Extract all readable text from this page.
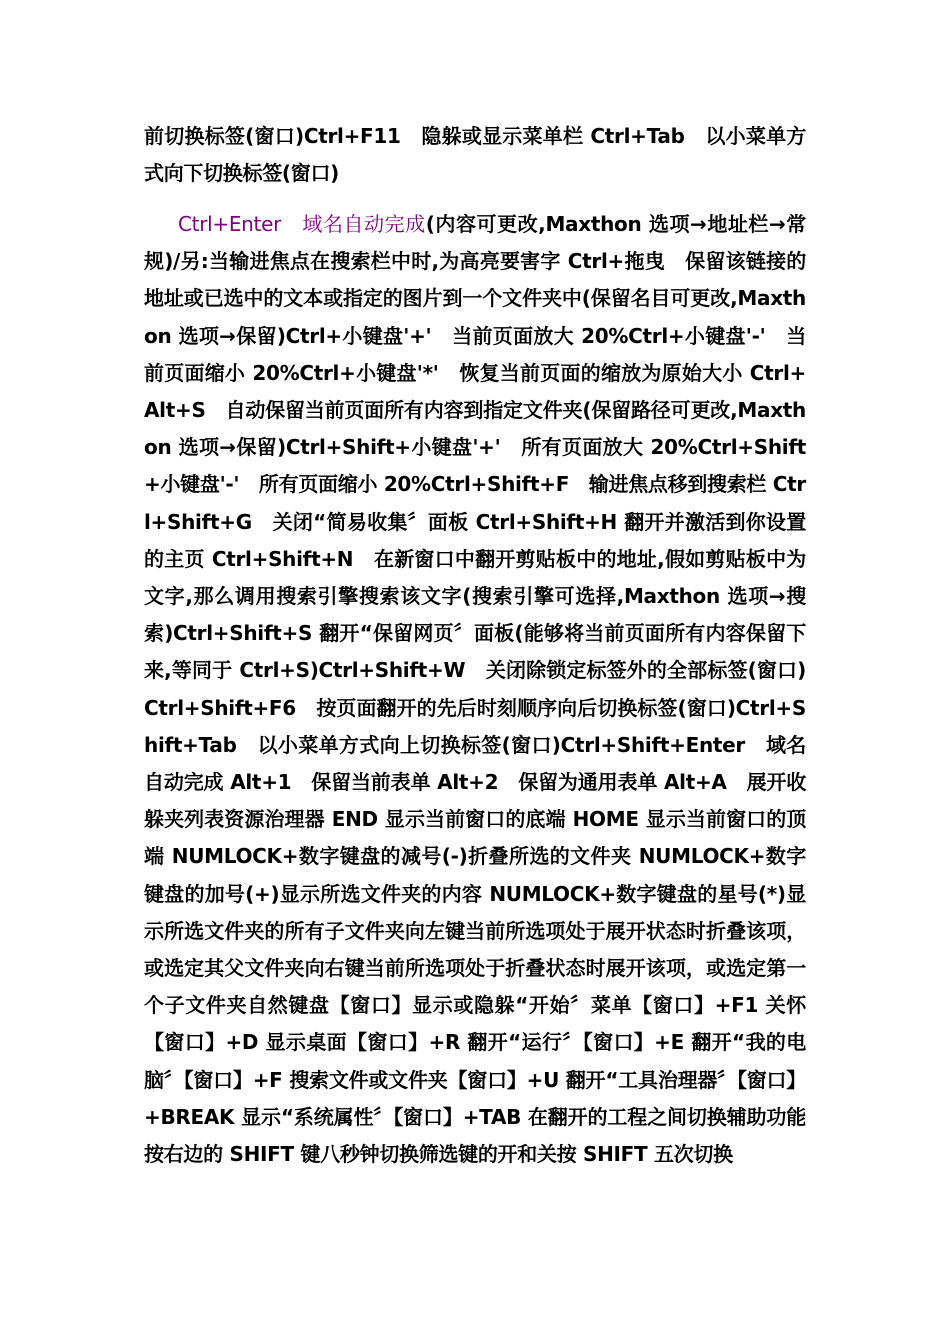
前切换标签(窗口)Ctrl+F11　隐躲或显示菜单栏 Ctrl+Tab　以小菜单方式向下切换标签(窗口)

Ctrl+Enter　域名自动完成(内容可更改,Maxthon 选项→地址栏→常规)/另:当输进焦点在搜索栏中时,为高亮要害字 Ctrl+拖曳　保留该链接的地址或已选中的文本或指定的图片到一个文件夹中(保留名目可更改,Maxthon 选项→保留)Ctrl+小键盘'+'　当前页面放大 20%Ctrl+小键盘'-'　当前页面缩小 20%Ctrl+小键盘'*'　恢复当前页面的缩放为原始大小 Ctrl+Alt+S　自动保留当前页面所有内容到指定文件夹(保留路径可更改,Maxthon 选项→保留)Ctrl+Shift+小键盘'+'　所有页面放大 20%Ctrl+Shift+小键盘'-'　所有页面缩小 20%Ctrl+Shift+F　输进焦点移到搜索栏 Ctrl+Shift+G　关闭“简易收集〞面板 Ctrl+Shift+H 翻开并激活到你设置的主页 Ctrl+Shift+N　在新窗口中翻开剪贴板中的地址,假如剪贴板中为文字,那么调用搜索引擎搜索该文字(搜索引擎可选择,Maxthon 选项→搜索)Ctrl+Shift+S 翻开“保留网页〞面板(能够将当前页面所有内容保留下来,等同于 Ctrl+S)Ctrl+Shift+W　关闭除锁定标签外的全部标签(窗口)Ctrl+Shift+F6　按页面翻开的先后时刻顺序向后切换标签(窗口)Ctrl+Shift+Tab　以小菜单方式向上切换标签(窗口)Ctrl+Shift+Enter　域名自动完成 Alt+1　保留当前表单 Alt+2　保留为通用表单 Alt+A　展开收躲夹列表资源治理器 END 显示当前窗口的底端 HOME 显示当前窗口的顶端 NUMLOCK+数字键盘的减号(-)折叠所选的文件夹 NUMLOCK+数字键盘的加号(+)显示所选文件夹的内容 NUMLOCK+数字键盘的星号(*)显示所选文件夹的所有子文件夹向左键当前所选项处于展开状态时折叠该项，或选定其父文件夹向右键当前所选项处于折叠状态时展开该项，或选定第一个子文件夹自然键盘【窗口】显示或隐躲“开始〞菜单【窗口】+F1 关怀【窗口】+D 显示桌面【窗口】+R 翻开“运行〞【窗口】+E 翻开“我的电脑〞【窗口】+F 搜索文件或文件夹【窗口】+U 翻开“工具治理器〞【窗口】+BREAK 显示“系统属性〞【窗口】+TAB 在翻开的工程之间切换辅助功能按右边的 SHIFT 键八秒钟切换筛选键的开和关按 SHIFT 五次切换
